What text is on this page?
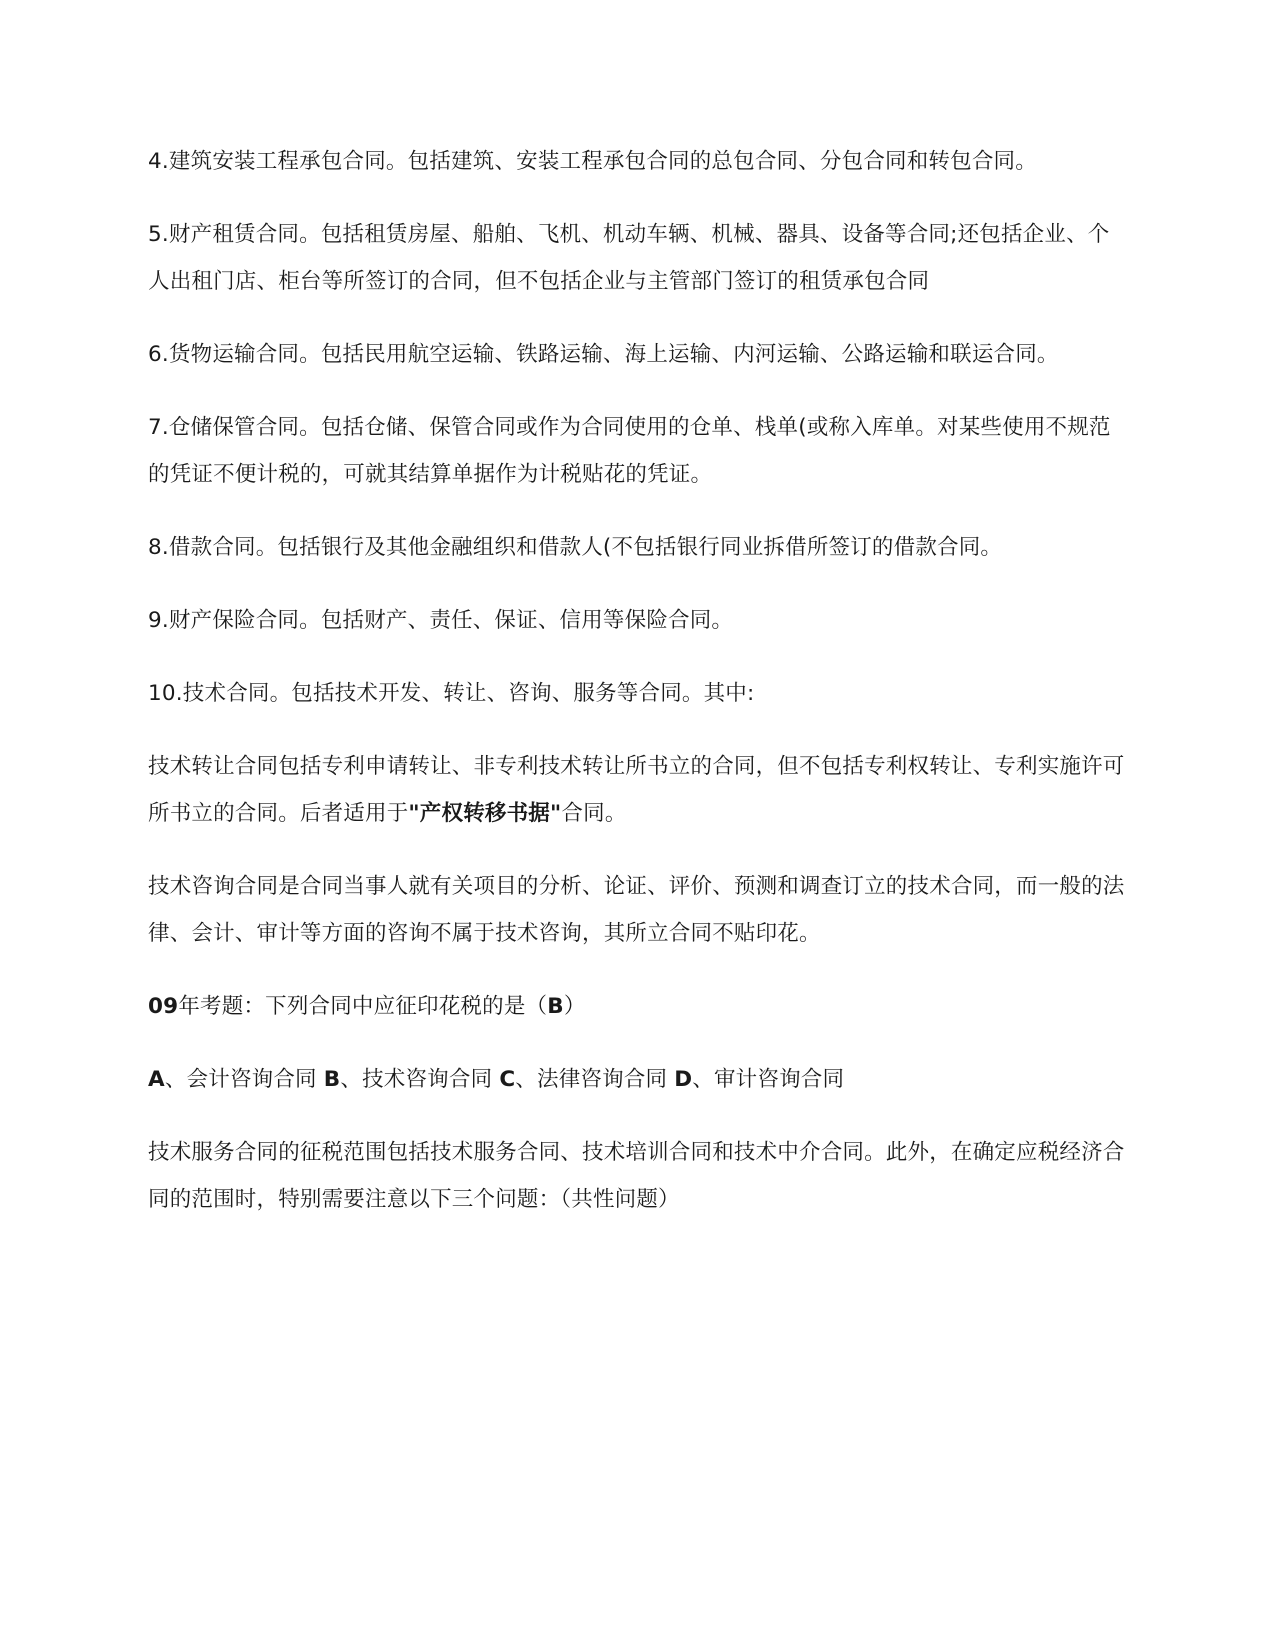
4.建筑安装工程承包合同。包括建筑、安装工程承包合同的总包合同、分包合同和转包合同。

5.财产租赁合同。包括租赁房屋、船舶、飞机、机动车辆、机械、器具、设备等合同;还包括企业、个人出租门店、柜台等所签订的合同，但不包括企业与主管部门签订的租赁承包合同

6.货物运输合同。包括民用航空运输、铁路运输、海上运输、内河运输、公路运输和联运合同。

7.仓储保管合同。包括仓储、保管合同或作为合同使用的仓单、栈单(或称入库单。对某些使用不规范的凭证不便计税的，可就其结算单据作为计税贴花的凭证。

8.借款合同。包括银行及其他金融组织和借款人(不包括银行同业拆借所签订的借款合同。

9.财产保险合同。包括财产、责任、保证、信用等保险合同。

10.技术合同。包括技术开发、转让、咨询、服务等合同。其中:

技术转让合同包括专利申请转让、非专利技术转让所书立的合同，但不包括专利权转让、专利实施许可所书立的合同。后者适用于"产权转移书据"合同。

技术咨询合同是合同当事人就有关项目的分析、论证、评价、预测和调查订立的技术合同，而一般的法律、会计、审计等方面的咨询不属于技术咨询，其所立合同不贴印花。

09年考题：下列合同中应征印花税的是（B）

A、会计咨询合同 B、技术咨询合同 C、法律咨询合同 D、审计咨询合同

技术服务合同的征税范围包括技术服务合同、技术培训合同和技术中介合同。此外，在确定应税经济合同的范围时，特别需要注意以下三个问题：（共性问题）
